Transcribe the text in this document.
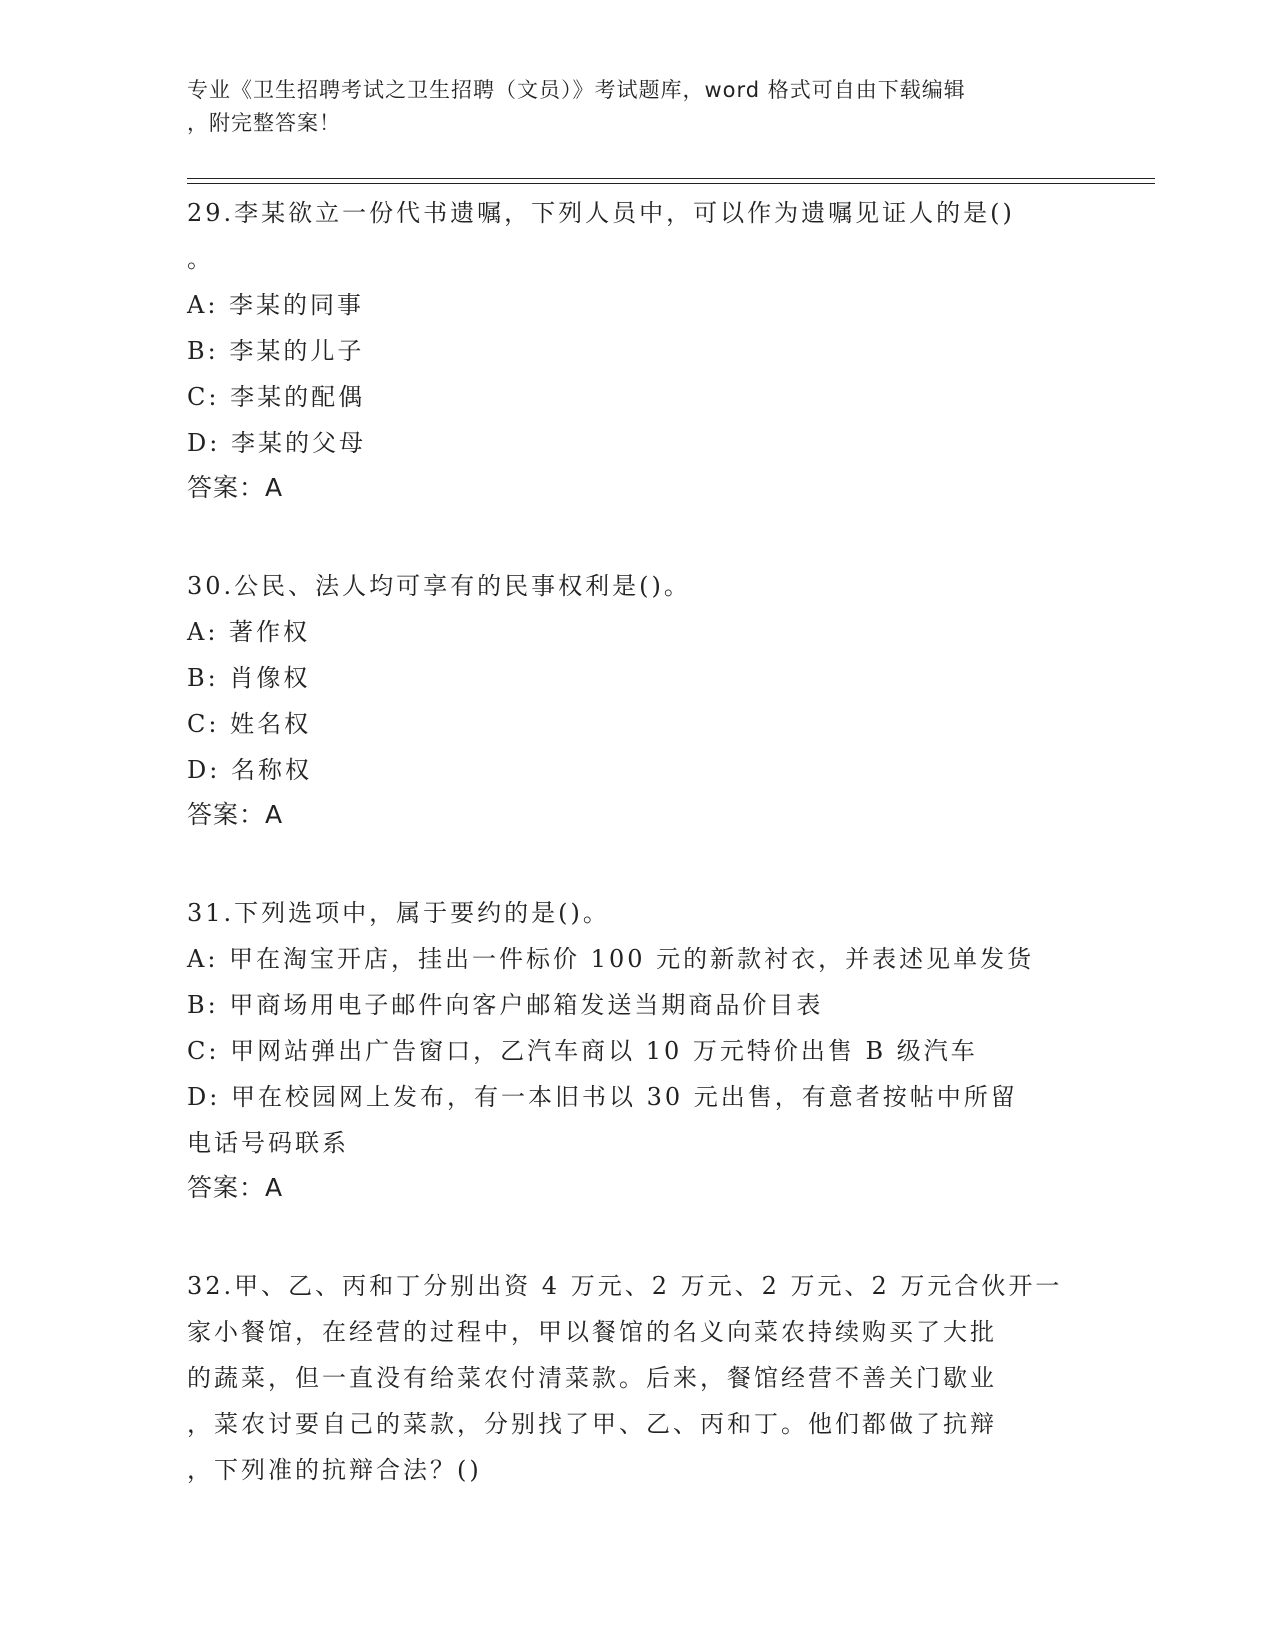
专业《卫生招聘考试之卫生招聘（文员）》考试题库，word 格式可自由下载编辑
，附完整答案！
29.李某欲立一份代书遗嘱，下列人员中，可以作为遗嘱见证人的是()
。
A: 李某的同事
B: 李某的儿子
C: 李某的配偶
D: 李某的父母
答案：A
30.公民、法人均可享有的民事权利是()。
A: 著作权
B: 肖像权
C: 姓名权
D: 名称权
答案：A
31.下列选项中，属于要约的是()。
A: 甲在淘宝开店，挂出一件标价 100 元的新款衬衣，并表述见单发货
B: 甲商场用电子邮件向客户邮箱发送当期商品价目表
C: 甲网站弹出广告窗口，乙汽车商以 10 万元特价出售 B 级汽车
D: 甲在校园网上发布，有一本旧书以 30 元出售，有意者按帖中所留
电话号码联系
答案：A
32.甲、乙、丙和丁分别出资 4 万元、2 万元、2 万元、2 万元合伙开一
家小餐馆，在经营的过程中，甲以餐馆的名义向菜农持续购买了大批
的蔬菜，但一直没有给菜农付清菜款。后来，餐馆经营不善关门歇业
，菜农讨要自己的菜款，分别找了甲、乙、丙和丁。他们都做了抗辩
，下列准的抗辩合法？()
